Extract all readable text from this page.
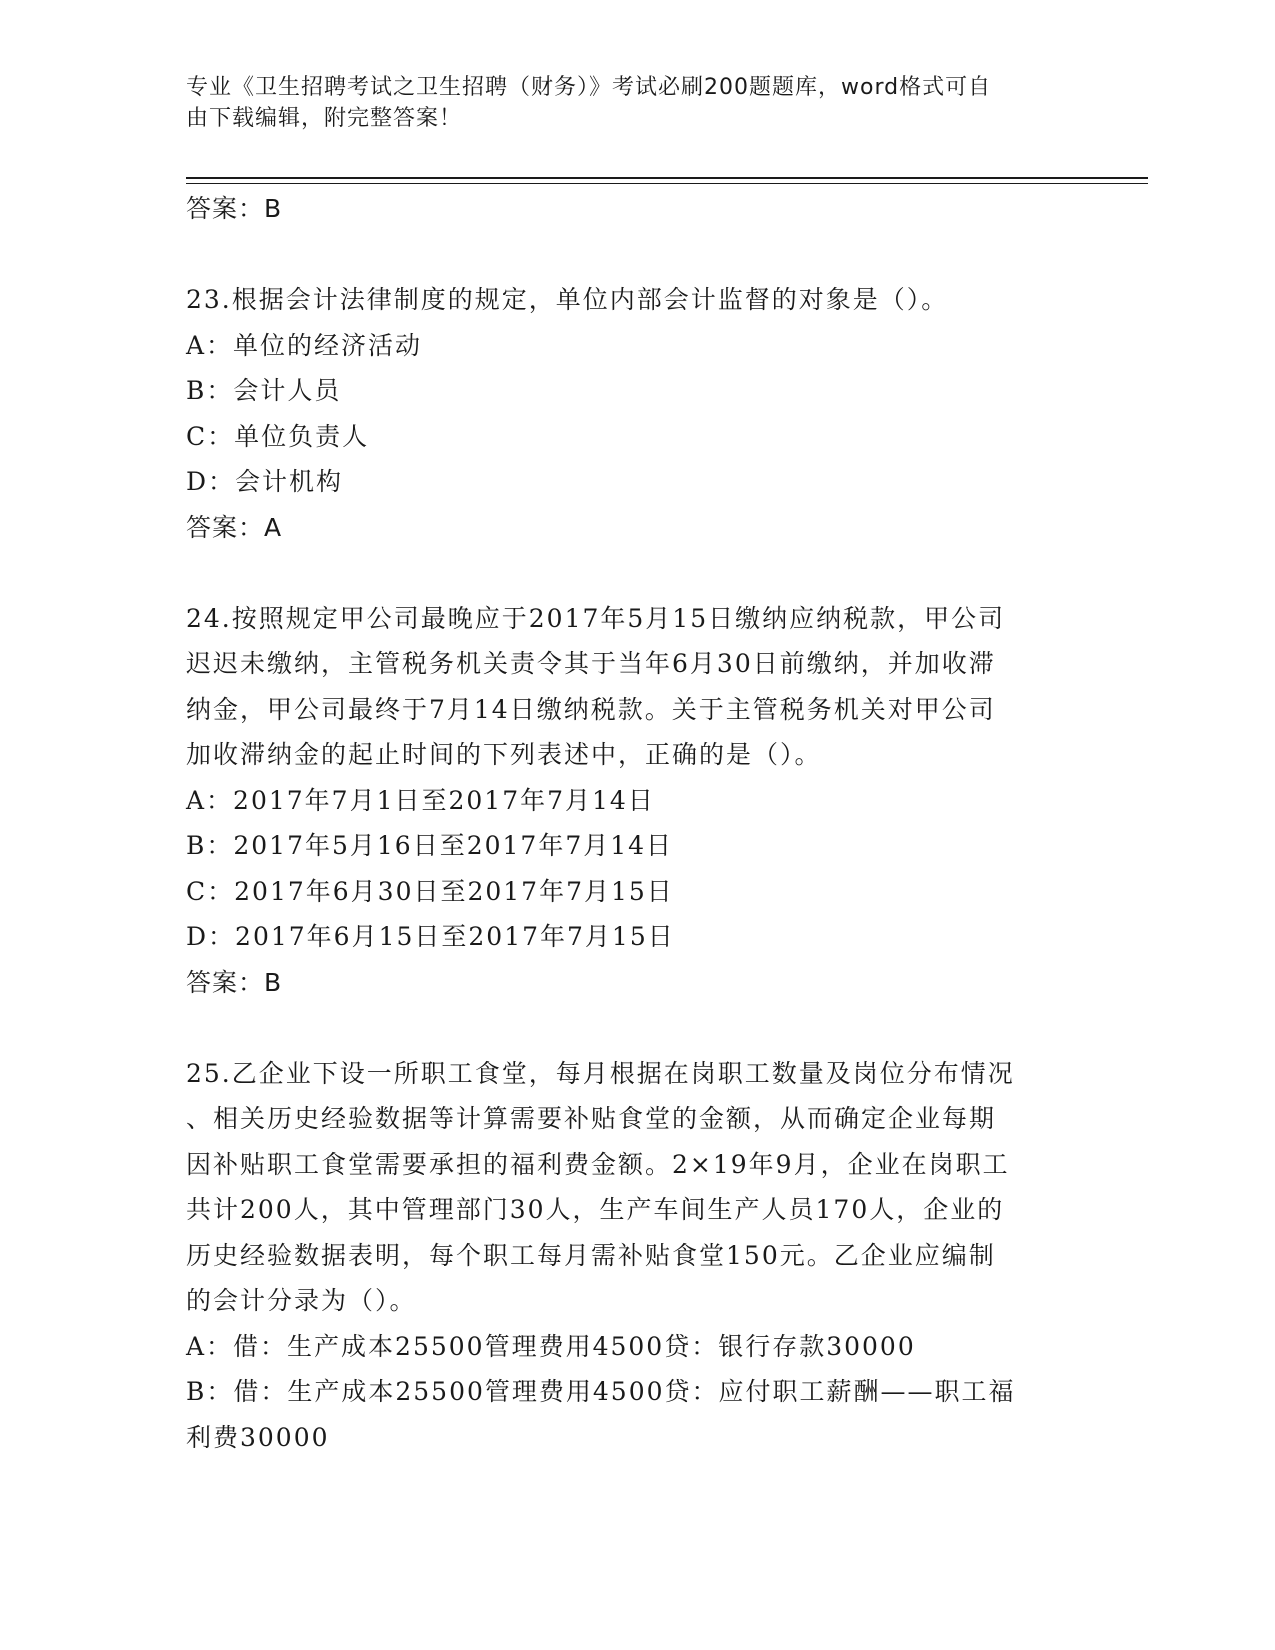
专业《卫生招聘考试之卫生招聘（财务）》考试必刷200题题库，word格式可自
由下载编辑，附完整答案！
答案：B
23.根据会计法律制度的规定，单位内部会计监督的对象是（）。
A：单位的经济活动
B：会计人员
C：单位负责人
D：会计机构
答案：A
24.按照规定甲公司最晚应于2017年5月15日缴纳应纳税款，甲公司
迟迟未缴纳，主管税务机关责令其于当年6月30日前缴纳，并加收滞
纳金，甲公司最终于7月14日缴纳税款。关于主管税务机关对甲公司
加收滞纳金的起止时间的下列表述中，正确的是（）。
A：2017年7月1日至2017年7月14日
B：2017年5月16日至2017年7月14日
C：2017年6月30日至2017年7月15日
D：2017年6月15日至2017年7月15日
答案：B
25.乙企业下设一所职工食堂，每月根据在岗职工数量及岗位分布情况
、相关历史经验数据等计算需要补贴食堂的金额，从而确定企业每期
因补贴职工食堂需要承担的福利费金额。2×19年9月，企业在岗职工
共计200人，其中管理部门30人，生产车间生产人员170人，企业的
历史经验数据表明，每个职工每月需补贴食堂150元。乙企业应编制
的会计分录为（）。
A：借：生产成本25500管理费用4500贷：银行存款30000
B：借：生产成本25500管理费用4500贷：应付职工薪酬——职工福
利费30000
